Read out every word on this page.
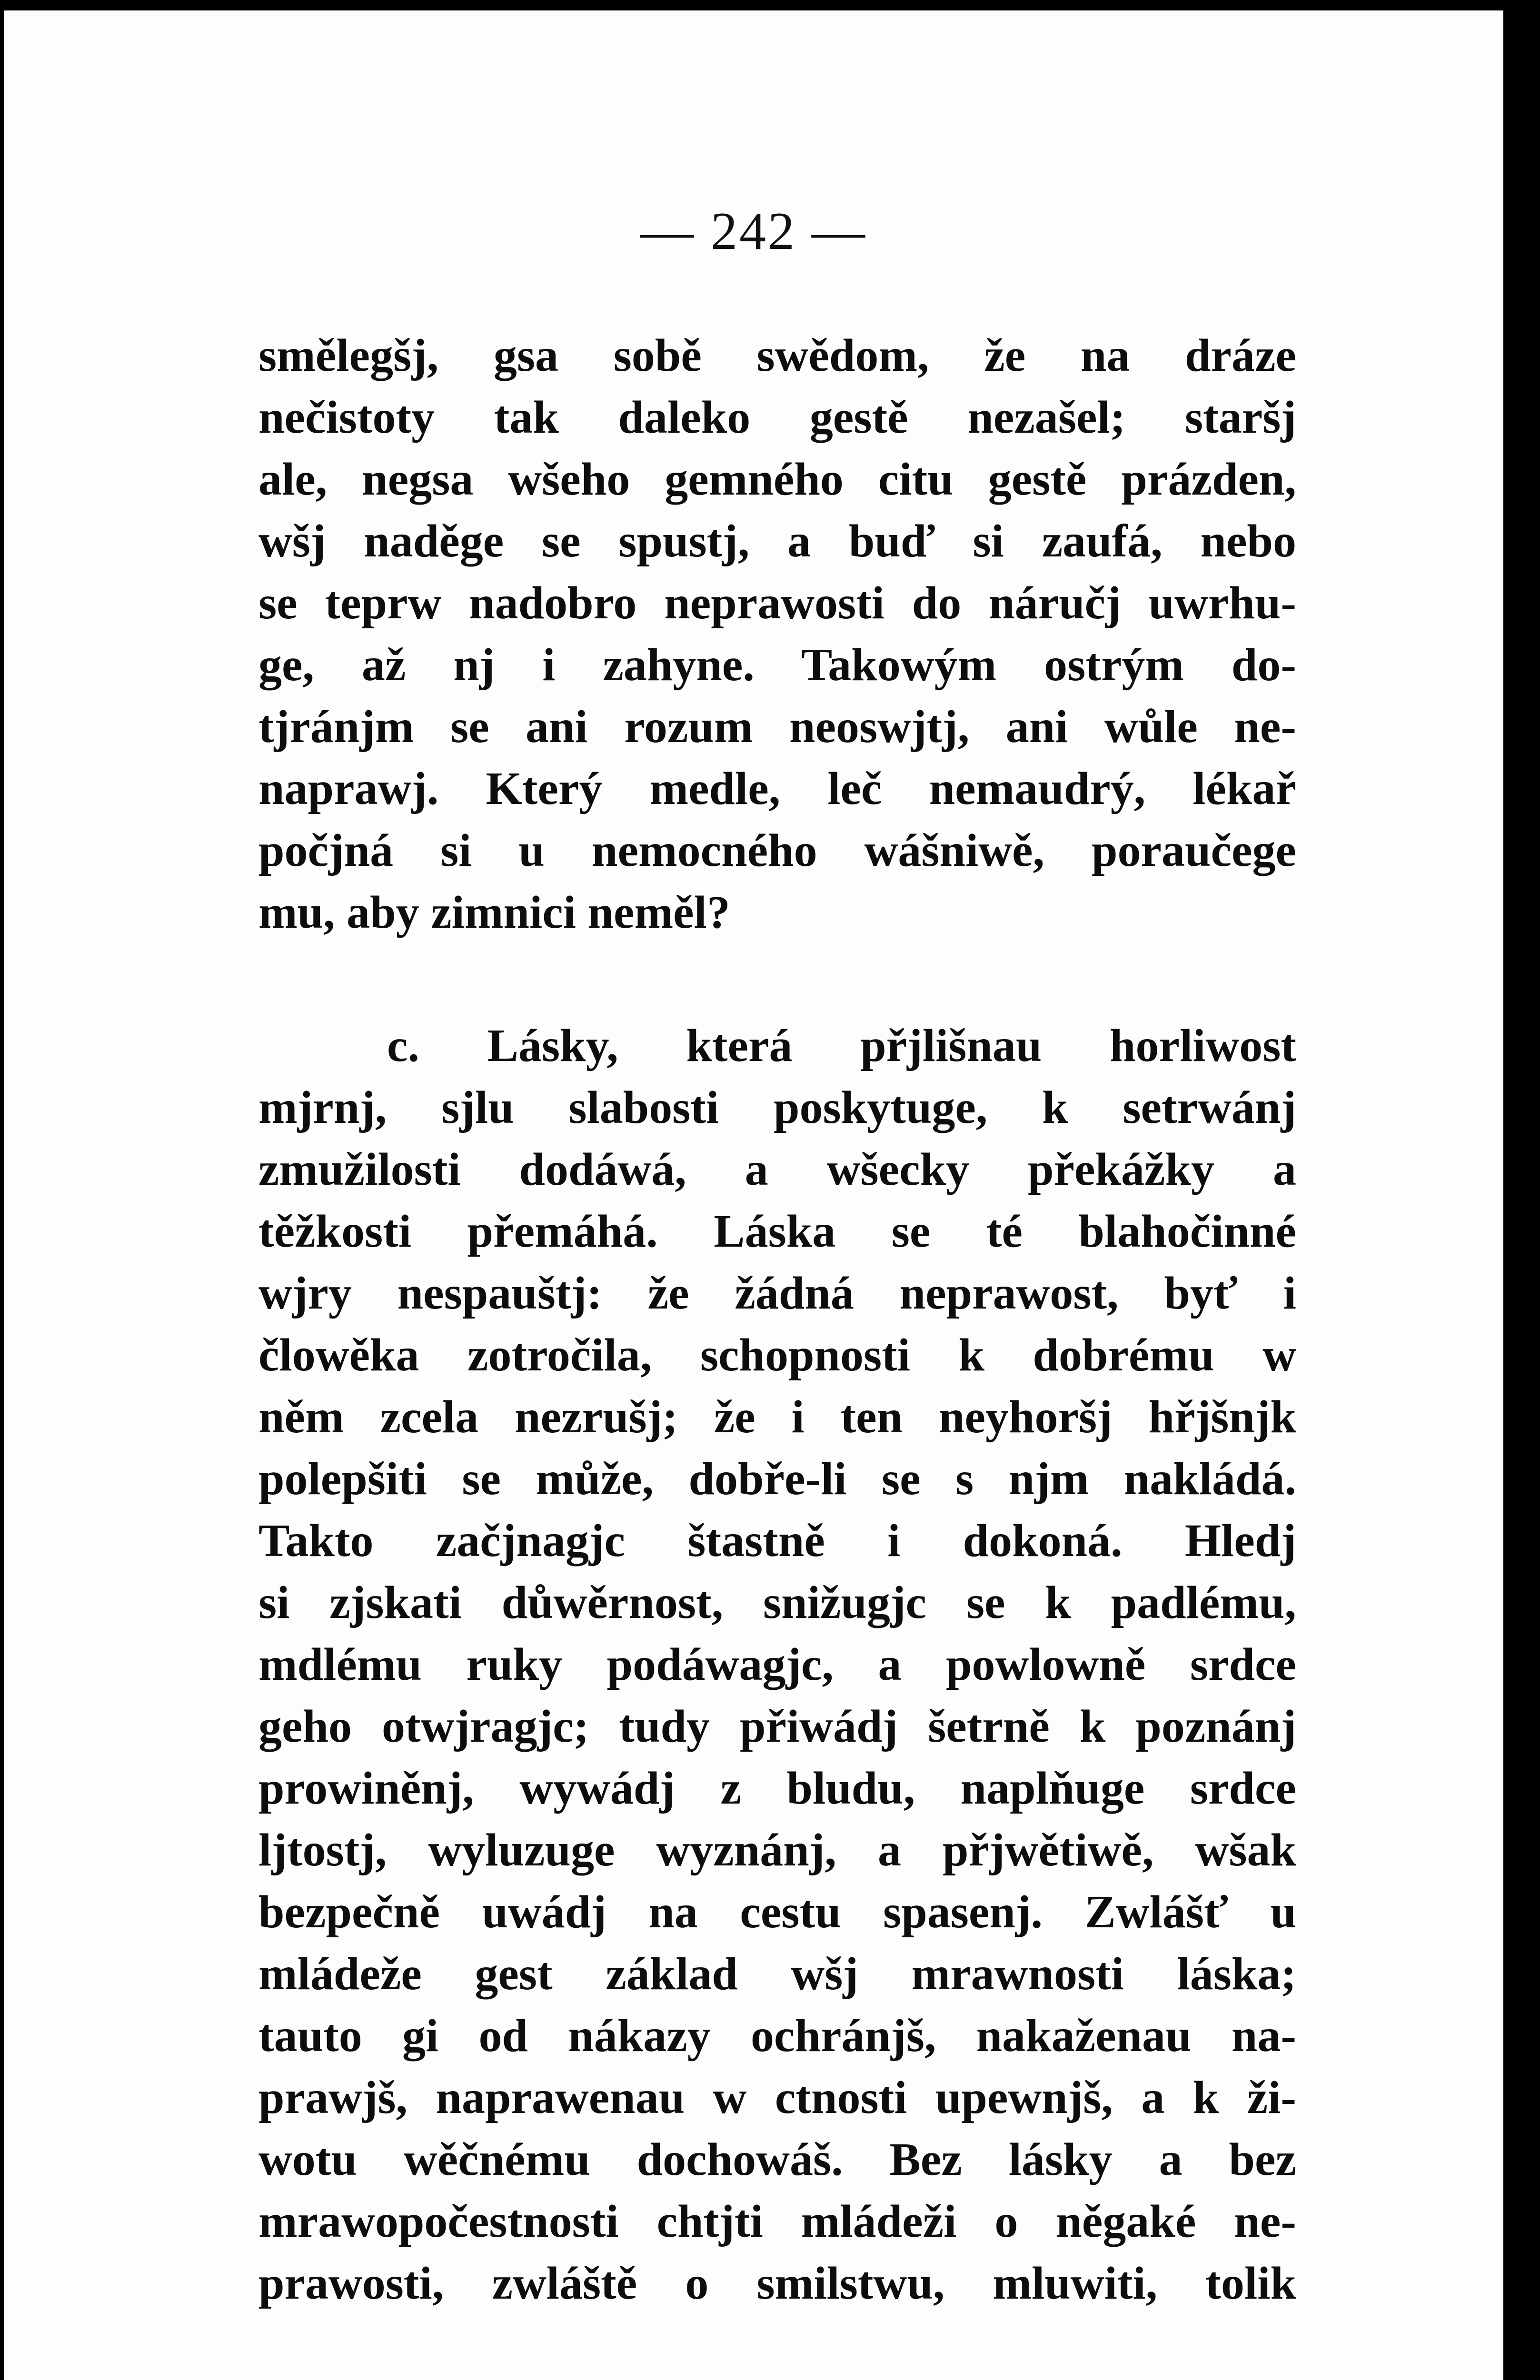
— 242 —
smělegšj, gsa sobě swědom, že na dráze
nečistoty tak daleko gestě nezašel; staršj
ale, negsa wšeho gemného citu gestě prázden,
wšj naděge se spustj, a buď si zaufá, nebo
se teprw nadobro neprawosti do náručj uwrhu-
ge, až nj i zahyne. Takowým ostrým do-
tjránjm se ani rozum neoswjtj, ani wůle ne-
naprawj. Který medle, leč nemaudrý, lékař
počjná si u nemocného wášniwě, poraučege
mu, aby zimnici neměl?
c. Lásky, která přjlišnau horliwost
mjrnj, sjlu slabosti poskytuge, k setrwánj
zmužilosti dodáwá, a wšecky překážky a
těžkosti přemáhá. Láska se té blahočinné
wjry nespauštj: že žádná neprawost, byť i
člowěka zotročila, schopnosti k dobrému w
něm zcela nezrušj; že i ten neyhoršj hřjšnjk
polepšiti se může, dobře-li se s njm nakládá.
Takto začjnagjc štastně i dokoná. Hledj
si zjskati důwěrnost, snižugjc se k padlému,
mdlému ruky podáwagjc, a powlowně srdce
geho otwjragjc; tudy přiwádj šetrně k poznánj
prowiněnj, wywádj z bludu, naplňuge srdce
ljtostj, wyluzuge wyznánj, a přjwětiwě, wšak
bezpečně uwádj na cestu spasenj. Zwlášť u
mládeže gest základ wšj mrawnosti láska;
tauto gi od nákazy ochránjš, nakaženau na-
prawjš, naprawenau w ctnosti upewnjš, a k ži-
wotu wěčnému dochowáš. Bez lásky a bez
mrawopočestnosti chtjti mládeži o něgaké ne-
prawosti, zwláště o smilstwu, mluwiti, tolik
